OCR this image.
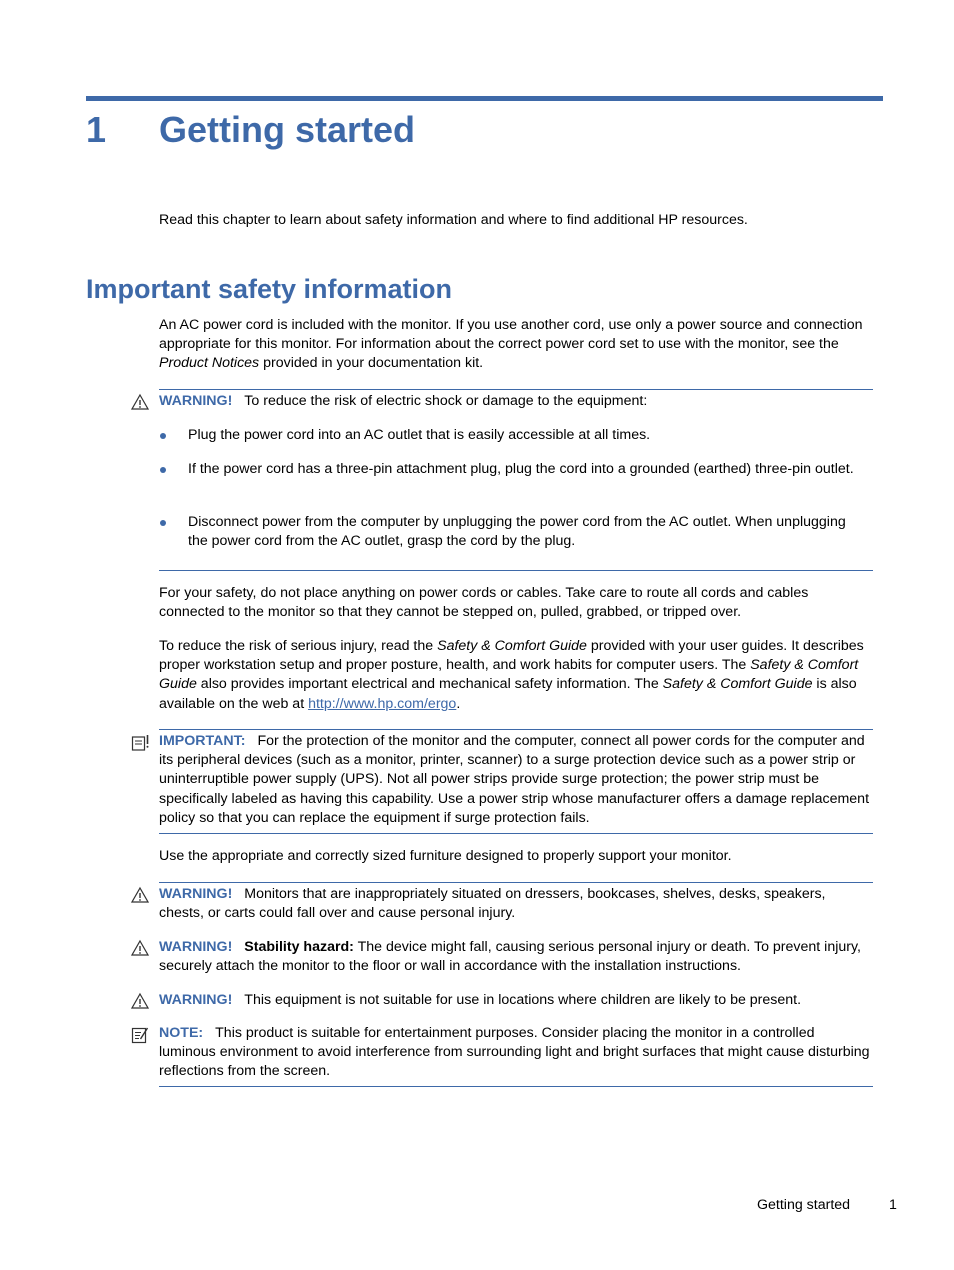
1 Getting started

Read this chapter to learn about safety information and where to find additional HP resources.

Important safety information

An AC power cord is included with the monitor. If you use another cord, use only a power source and connection appropriate for this monitor. For information about the correct power cord set to use with the monitor, see the Product Notices provided in your documentation kit.

WARNING! To reduce the risk of electric shock or damage to the equipment:

Plug the power cord into an AC outlet that is easily accessible at all times.

If the power cord has a three-pin attachment plug, plug the cord into a grounded (earthed) three-pin outlet.

Disconnect power from the computer by unplugging the power cord from the AC outlet. When unplugging the power cord from the AC outlet, grasp the cord by the plug.

For your safety, do not place anything on power cords or cables. Take care to route all cords and cables connected to the monitor so that they cannot be stepped on, pulled, grabbed, or tripped over.

To reduce the risk of serious injury, read the Safety & Comfort Guide provided with your user guides. It describes proper workstation setup and proper posture, health, and work habits for computer users. The Safety & Comfort Guide also provides important electrical and mechanical safety information. The Safety & Comfort Guide is also available on the web at http://www.hp.com/ergo.

IMPORTANT: For the protection of the monitor and the computer, connect all power cords for the computer and its peripheral devices (such as a monitor, printer, scanner) to a surge protection device such as a power strip or uninterruptible power supply (UPS). Not all power strips provide surge protection; the power strip must be specifically labeled as having this capability. Use a power strip whose manufacturer offers a damage replacement policy so that you can replace the equipment if surge protection fails.

Use the appropriate and correctly sized furniture designed to properly support your monitor.

WARNING! Monitors that are inappropriately situated on dressers, bookcases, shelves, desks, speakers, chests, or carts could fall over and cause personal injury.

WARNING! Stability hazard: The device might fall, causing serious personal injury or death. To prevent injury, securely attach the monitor to the floor or wall in accordance with the installation instructions.

WARNING! This equipment is not suitable for use in locations where children are likely to be present.

NOTE: This product is suitable for entertainment purposes. Consider placing the monitor in a controlled luminous environment to avoid interference from surrounding light and bright surfaces that might cause disturbing reflections from the screen.

Getting started	1
